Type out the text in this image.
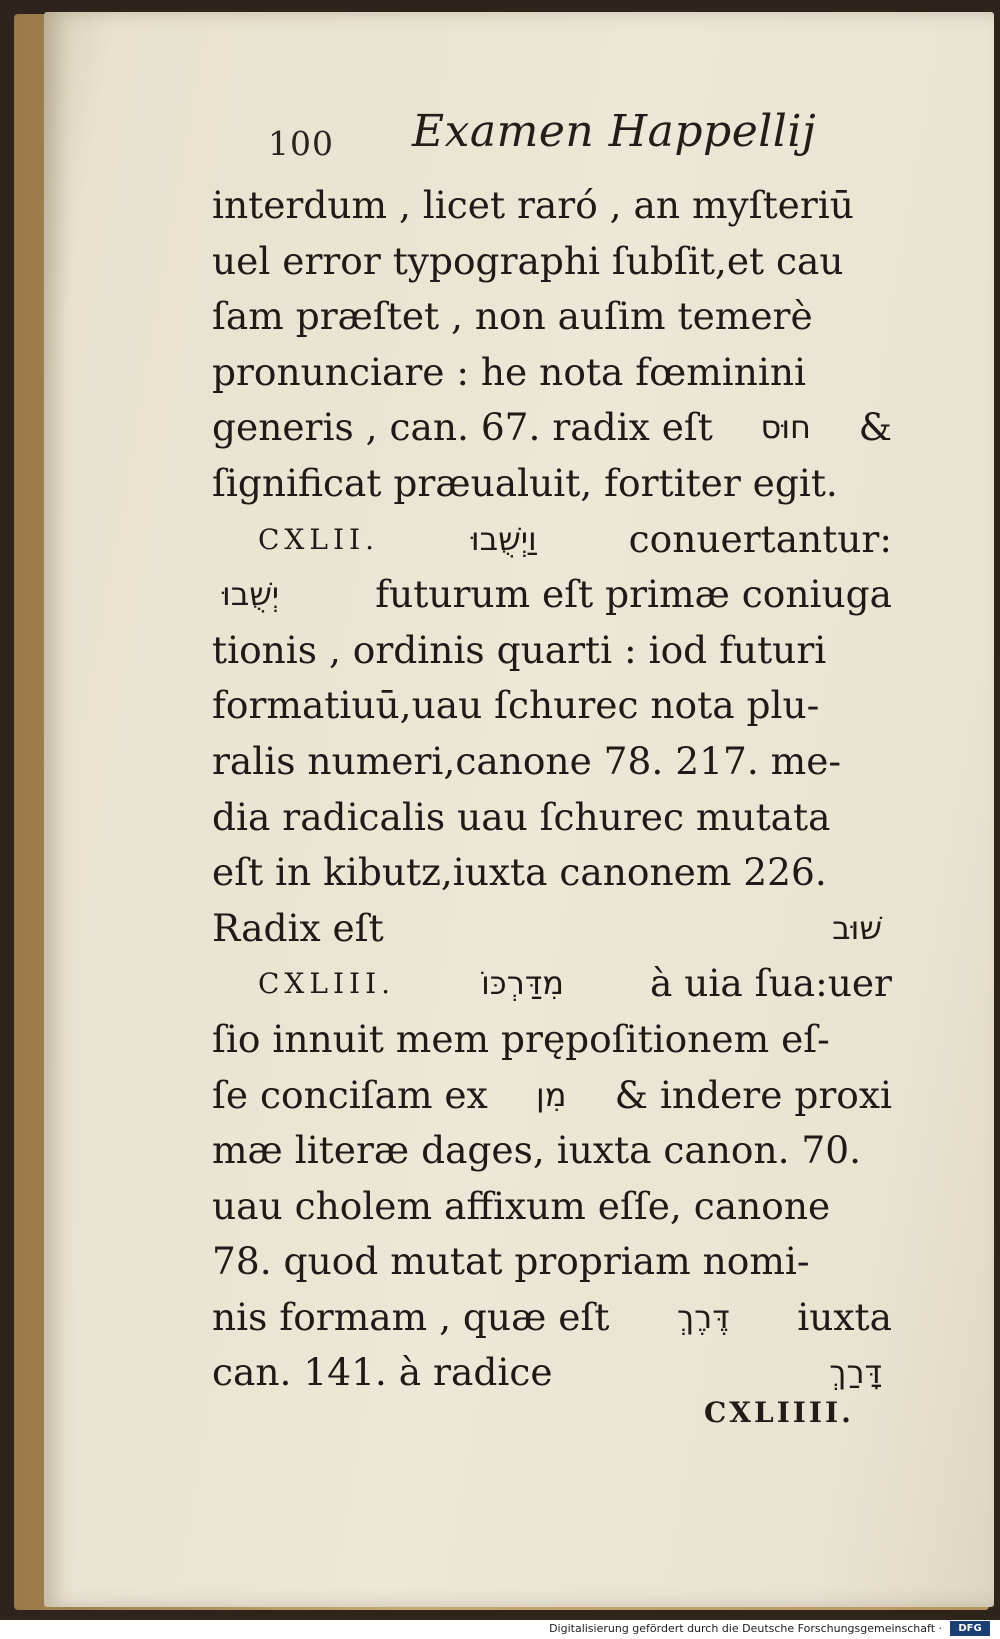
100 Examen Happellij
interdum , licet raró , an myſteriū
uel error typographi ſubſit,et cau
ſam præſtet , non auſim temerè
pronunciare : he nota fœminini
generis , can. 67. radix eſt חוּס &
ſignificat præualuit, fortiter egit.
CXLII.	וַיְשֻׁבוּ conuertantur:
יְשֻׁבוּ	futurum eſt primæ coniuga
tionis , ordinis quarti : iod futuri
formatiuū,uau ſchurec nota plu-
ralis numeri,canone 78. 217. me-
dia radicalis uau ſchurec mutata
eſt in kibutz,iuxta canonem 226.
Radix eſt	שׁוּב
CXLIII.	מִדַּרְכּוֹ à uia ſua:uer
ſio innuit mem prępoſitionem eſ-
ſe conciſam ex מִן & indere proxi
mæ literæ dages, iuxta canon. 70.
uau cholem affixum eſſe, canone
78. quod mutat propriam nomi-
nis formam , quæ eſt דֶּרֶךְ iuxta
can. 141. à radice	דָּרַךְ
CXLIIII.
Digitalisierung gefördert durch die Deutsche Forschungsgemeinschaft ·	DFG
